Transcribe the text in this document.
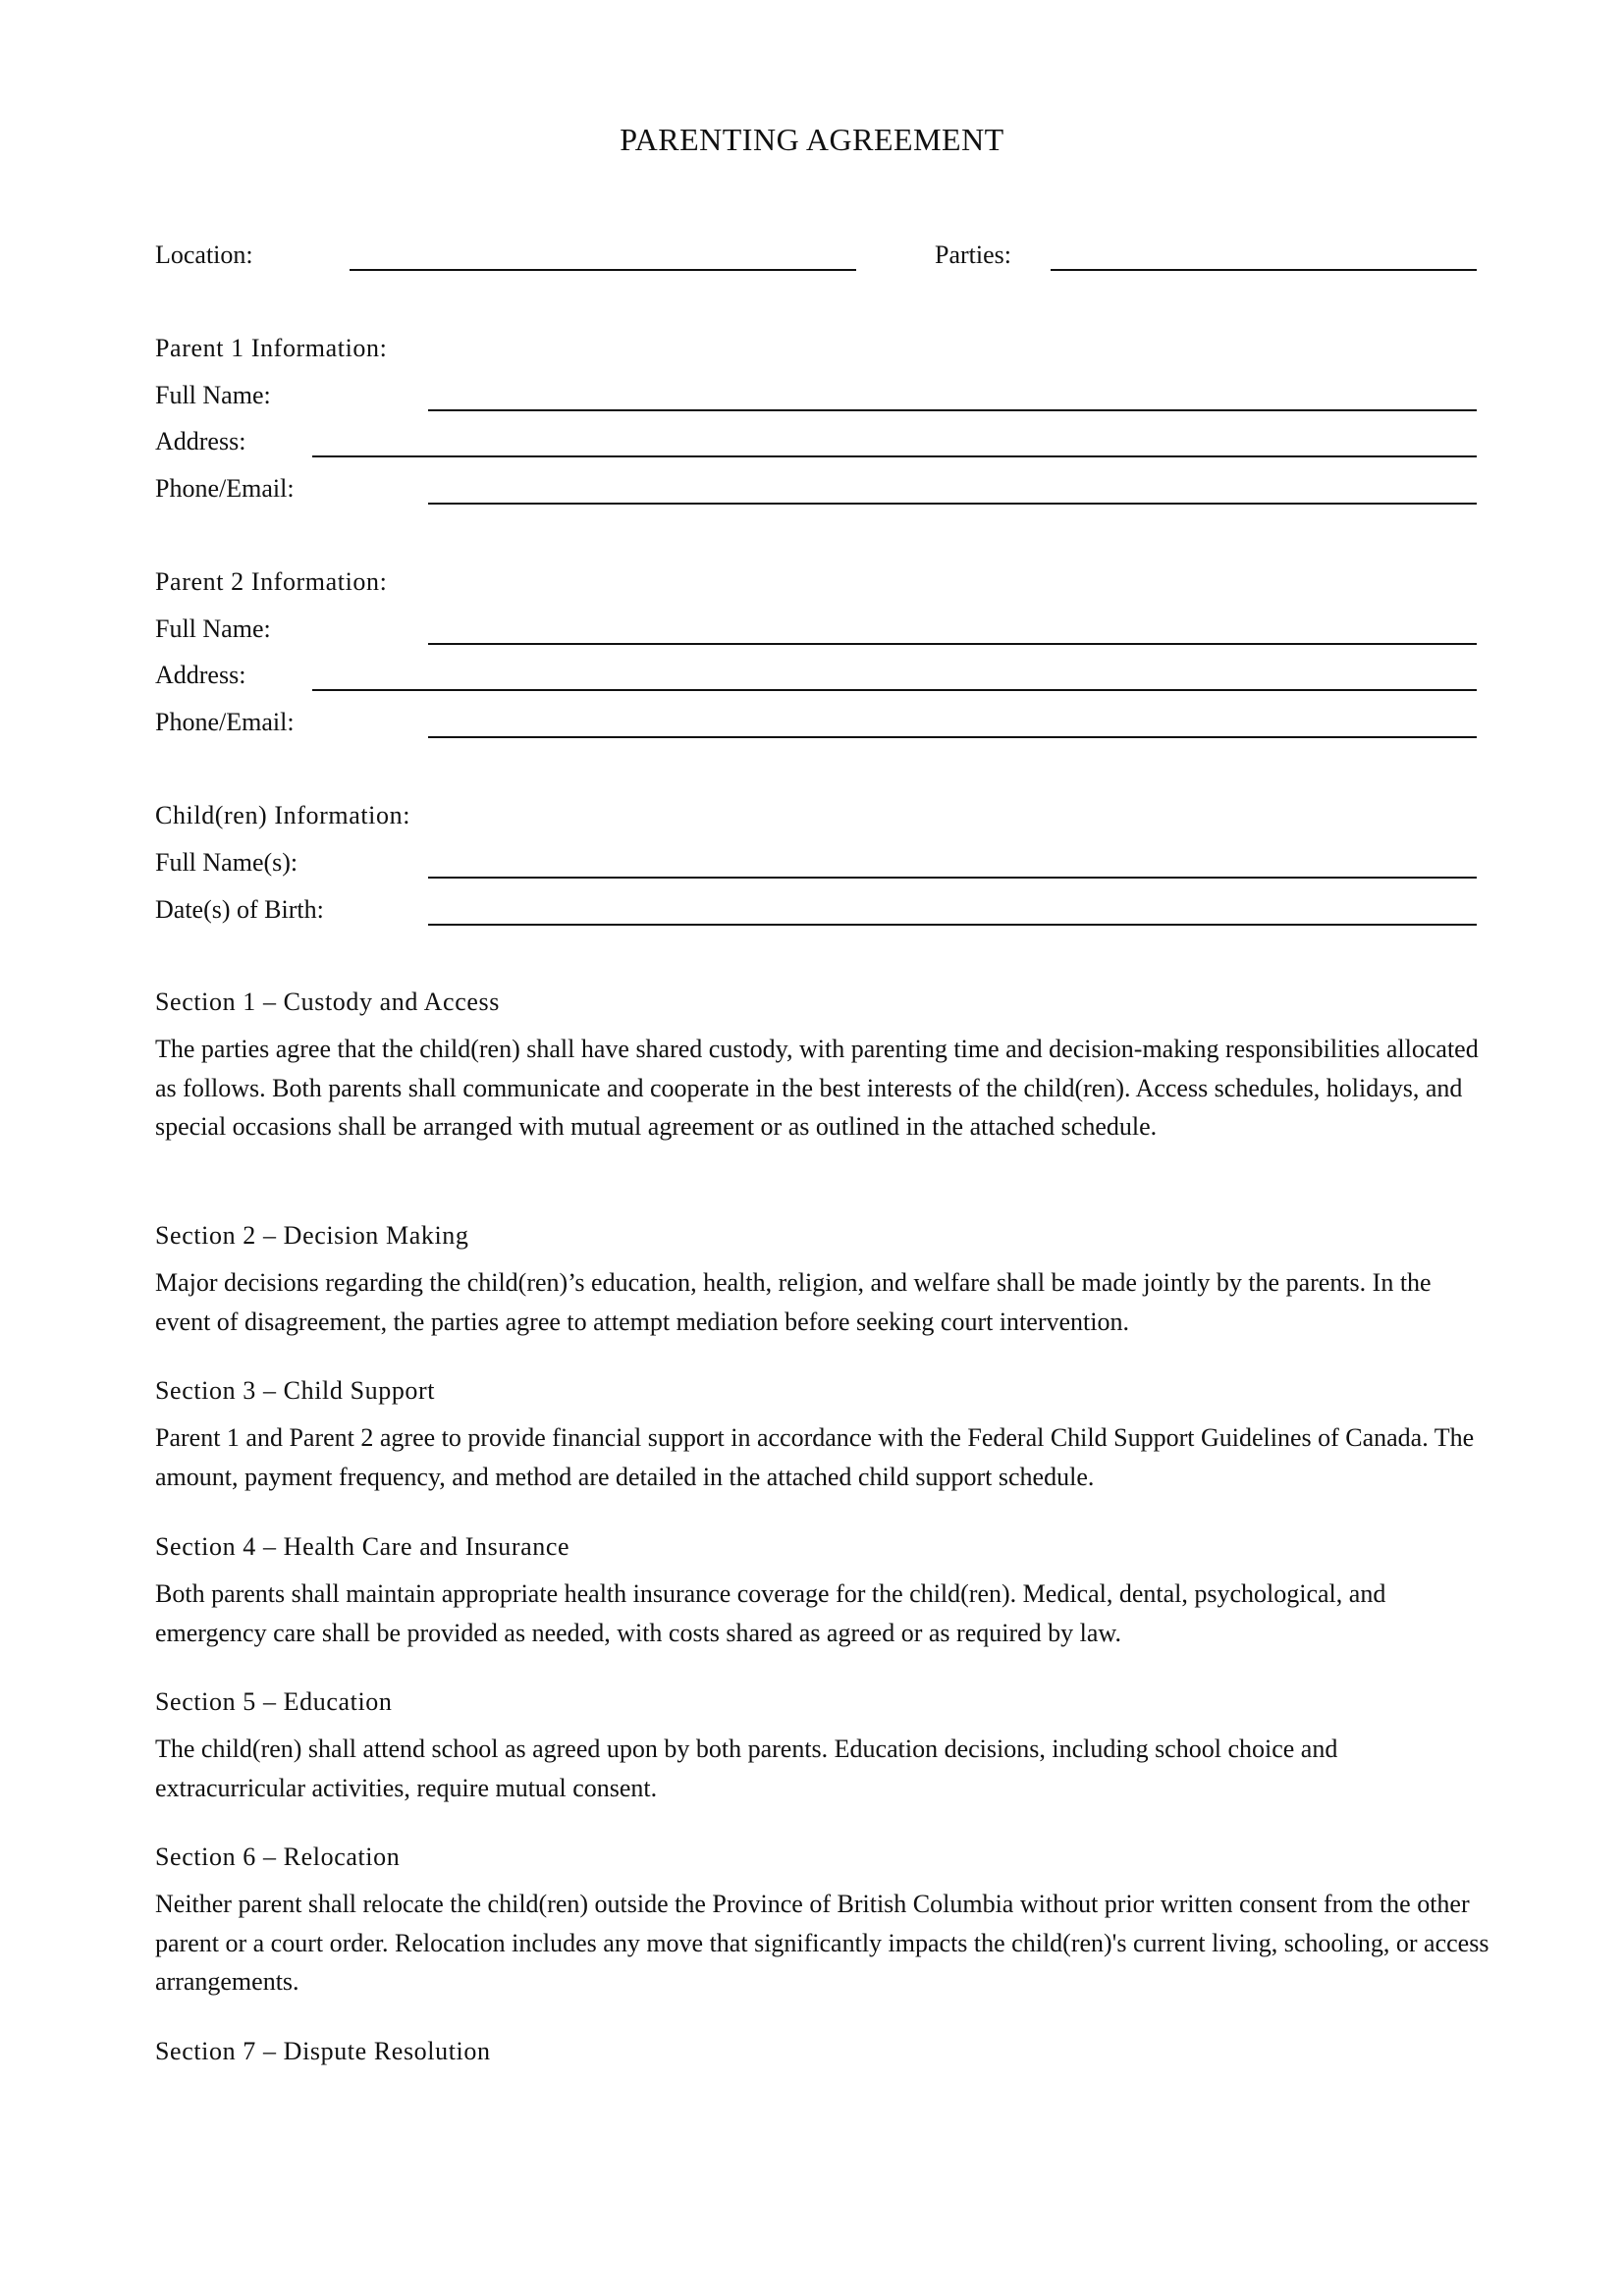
PARENTING AGREEMENT
Location:	Parties:
Parent 1 Information:
Full Name:
Address:
Phone/Email:
Parent 2 Information:
Full Name:
Address:
Phone/Email:
Child(ren) Information:
Full Name(s):
Date(s) of Birth:
Section 1 – Custody and Access
The parties agree that the child(ren) shall have shared custody, with parenting time and decision-making responsibilities allocated as follows. Both parents shall communicate and cooperate in the best interests of the child(ren). Access schedules, holidays, and special occasions shall be arranged with mutual agreement or as outlined in the attached schedule.
Section 2 – Decision Making
Major decisions regarding the child(ren)’s education, health, religion, and welfare shall be made jointly by the parents. In the event of disagreement, the parties agree to attempt mediation before seeking court intervention.
Section 3 – Child Support
Parent 1 and Parent 2 agree to provide financial support in accordance with the Federal Child Support Guidelines of Canada. The amount, payment frequency, and method are detailed in the attached child support schedule.
Section 4 – Health Care and Insurance
Both parents shall maintain appropriate health insurance coverage for the child(ren). Medical, dental, psychological, and emergency care shall be provided as needed, with costs shared as agreed or as required by law.
Section 5 – Education
The child(ren) shall attend school as agreed upon by both parents. Education decisions, including school choice and extracurricular activities, require mutual consent.
Section 6 – Relocation
Neither parent shall relocate the child(ren) outside the Province of British Columbia without prior written consent from the other parent or a court order. Relocation includes any move that significantly impacts the child(ren)'s current living, schooling, or access arrangements.
Section 7 – Dispute Resolution
